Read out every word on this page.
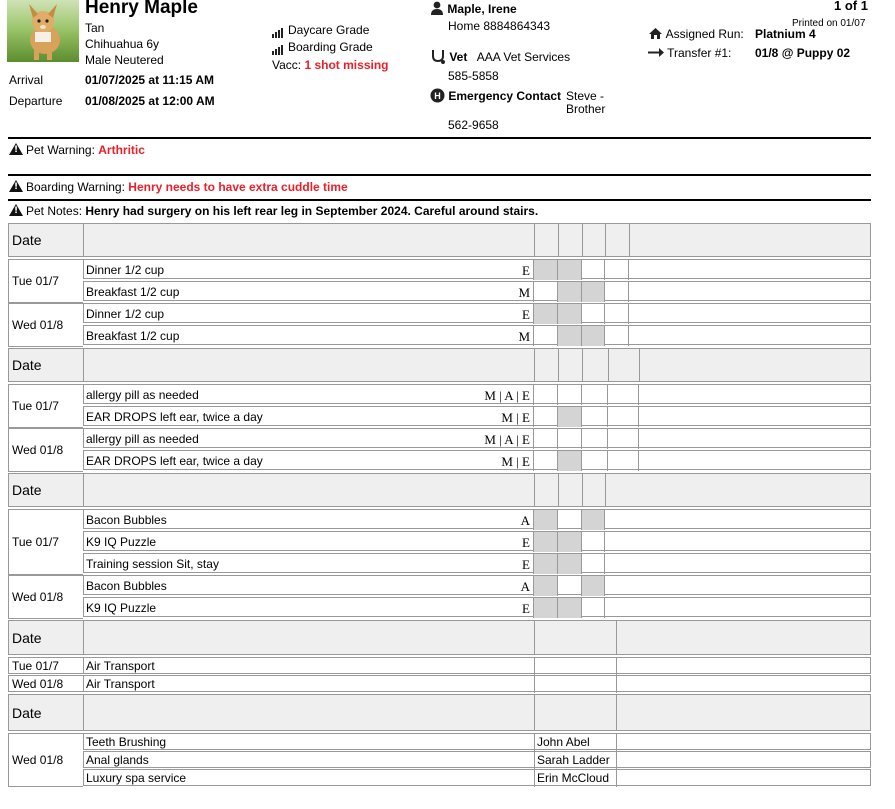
Henry Maple
Tan
Chihuahua 6y
Male Neutered
Arrival	01/07/2025 at 11:15 AM
Departure 01/08/2025 at 12:00 AM
Daycare Grade
Boarding Grade
Vacc: 1 shot missing
Maple, Irene
Home 8884864343
Vet AAA Vet Services
585-5858
H Emergency Contact Steve -
Brother
562-9658
1 of 1
Printed on 01/07
Assigned Run: Platnium 4
Transfer #1: 01/8 @ Puppy 02
!Pet Warning: Arthritic
!Boarding Warning: Henry needs to have extra cuddle time
!Pet Notes: Henry had surgery on his left rear leg in September 2024. Careful around stairs.
Date
Tue 01/7
Dinner 1/2 cup	E
Breakfast 1/2 cup	M
Wed 01/8
Dinner 1/2 cup	E
Breakfast 1/2 cup	M
Date
Tue 01/7
allergy pill as needed	M | A | E
EAR DROPS left ear, twice a day	M | E
Wed 01/8
allergy pill as needed	M | A | E
EAR DROPS left ear, twice a day	M | E
Date
Tue 01/7
Bacon Bubbles	A
K9 IQ Puzzle	E
Training session Sit, stay	E
Wed 01/8
Bacon Bubbles	A
K9 IQ Puzzle	E
Date
Tue 01/7 Air Transport
Wed 01/8 Air Transport
Date
Wed 01/8
Teeth Brushing	John Abel
Anal glands	Sarah Ladder
Luxury spa service	Erin McCloud
